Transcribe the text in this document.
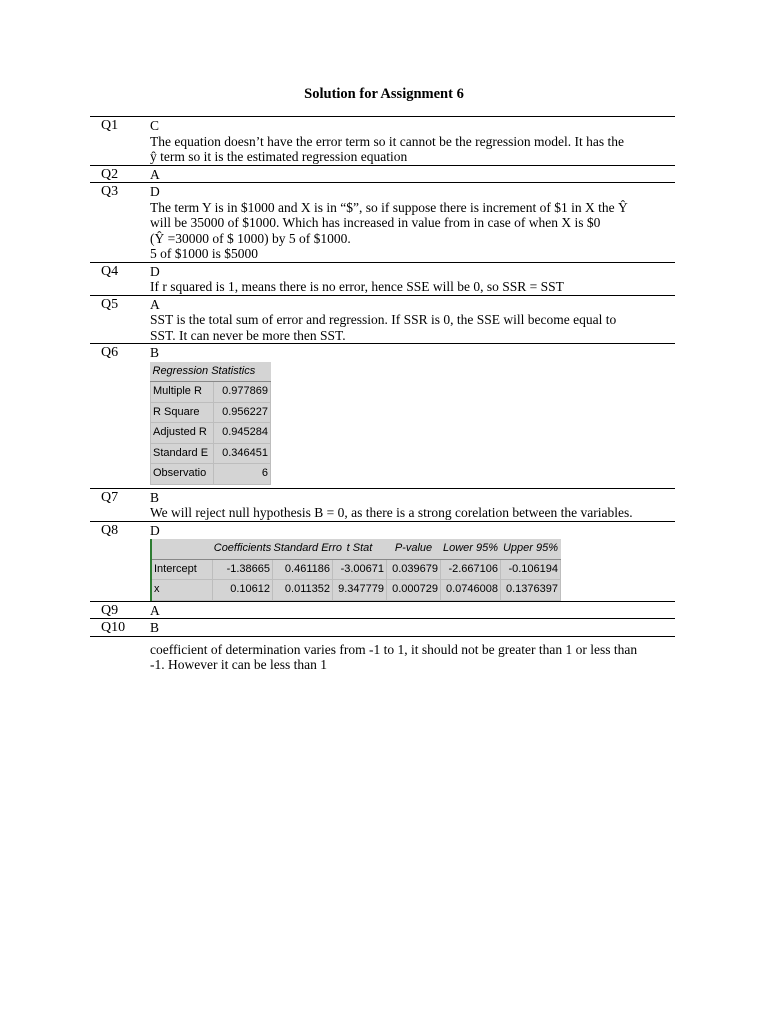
Solution for Assignment 6
Q1 C
The equation doesn’t have the error term so it cannot be the regression model. It has the
ŷ term so it is the estimated regression equation
Q2 A
Q3 D
The term Y is in $1000 and X is in “$”, so if suppose there is increment of $1 in X the Ŷ
will be 35000 of $1000. Which has increased in value from in case of when X is $0
(Ŷ =30000 of $ 1000) by 5 of $1000.
5 of $1000 is $5000
Q4 D
If r squared is 1, means there is no error, hence SSE will be 0, so SSR = SST
Q5 A
SST is the total sum of error and regression. If SSR is 0, the SSE will become equal to
SST. It can never be more then SST.
Q6 B
Regression Statistics	
Multiple R	0.977869
R Square	0.956227
Adjusted R	0.945284
Standard E	0.346451
Observatio	6
Q7 B
We will reject null hypothesis B = 0, as there is a strong corelation between the variables.
Q8 D
	Coefficients	Standard Erro	t Stat	P-value	Lower 95%	Upper 95%
Intercept	-1.38665	0.461186	-3.00671	0.039679	-2.667106	-0.106194
x	0.10612	0.011352	9.347779	0.000729	0.0746008	0.1376397
Q9 A
Q10 B
coefficient of determination varies from -1 to 1, it should not be greater than 1 or less than
-1. However it can be less than 1
